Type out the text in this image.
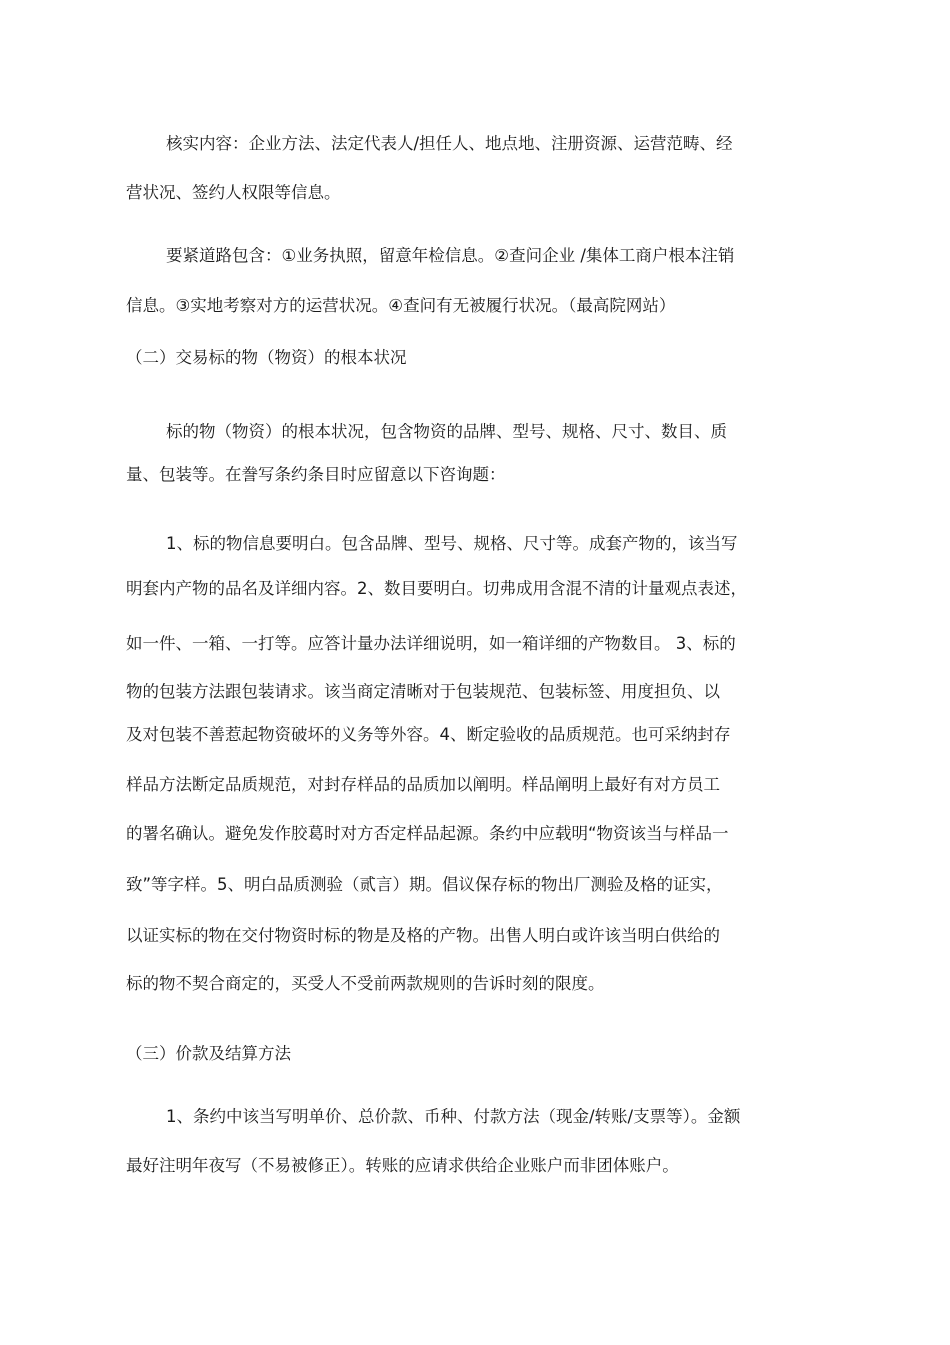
核实内容：企业方法、法定代表人/担任人、地点地、注册资源、运营范畴、经
营状况、签约人权限等信息。
要紧道路包含：①业务执照，留意年检信息。②查问企业 /集体工商户根本注销
信息。③实地考察对方的运营状况。④查问有无被履行状况。（最高院网站）
（二）交易标的物（物资）的根本状况
标的物（物资）的根本状况，包含物资的品牌、型号、规格、尺寸、数目、质
量、包装等。在誊写条约条目时应留意以下咨询题：
1、标的物信息要明白。包含品牌、型号、规格、尺寸等。成套产物的，该当写
明套内产物的品名及详细内容。2、数目要明白。切弗成用含混不清的计量观点表述，
如一件、一箱、一打等。应答计量办法详细说明，如一箱详细的产物数目。 3、标的
物的包装方法跟包装请求。该当商定清晰对于包装规范、包装标签、用度担负、以
及对包装不善惹起物资破坏的义务等外容。4、断定验收的品质规范。也可采纳封存
样品方法断定品质规范，对封存样品的品质加以阐明。样品阐明上最好有对方员工
的署名确认。避免发作胶葛时对方否定样品起源。条约中应载明“物资该当与样品一
致”等字样。5、明白品质测验（贰言）期。倡议保存标的物出厂测验及格的证实，
以证实标的物在交付物资时标的物是及格的产物。出售人明白或许该当明白供给的
标的物不契合商定的，买受人不受前两款规则的告诉时刻的限度。
（三）价款及结算方法
1、条约中该当写明单价、总价款、币种、付款方法（现金/转账/支票等）。金额
最好注明年夜写（不易被修正）。转账的应请求供给企业账户而非团体账户。
